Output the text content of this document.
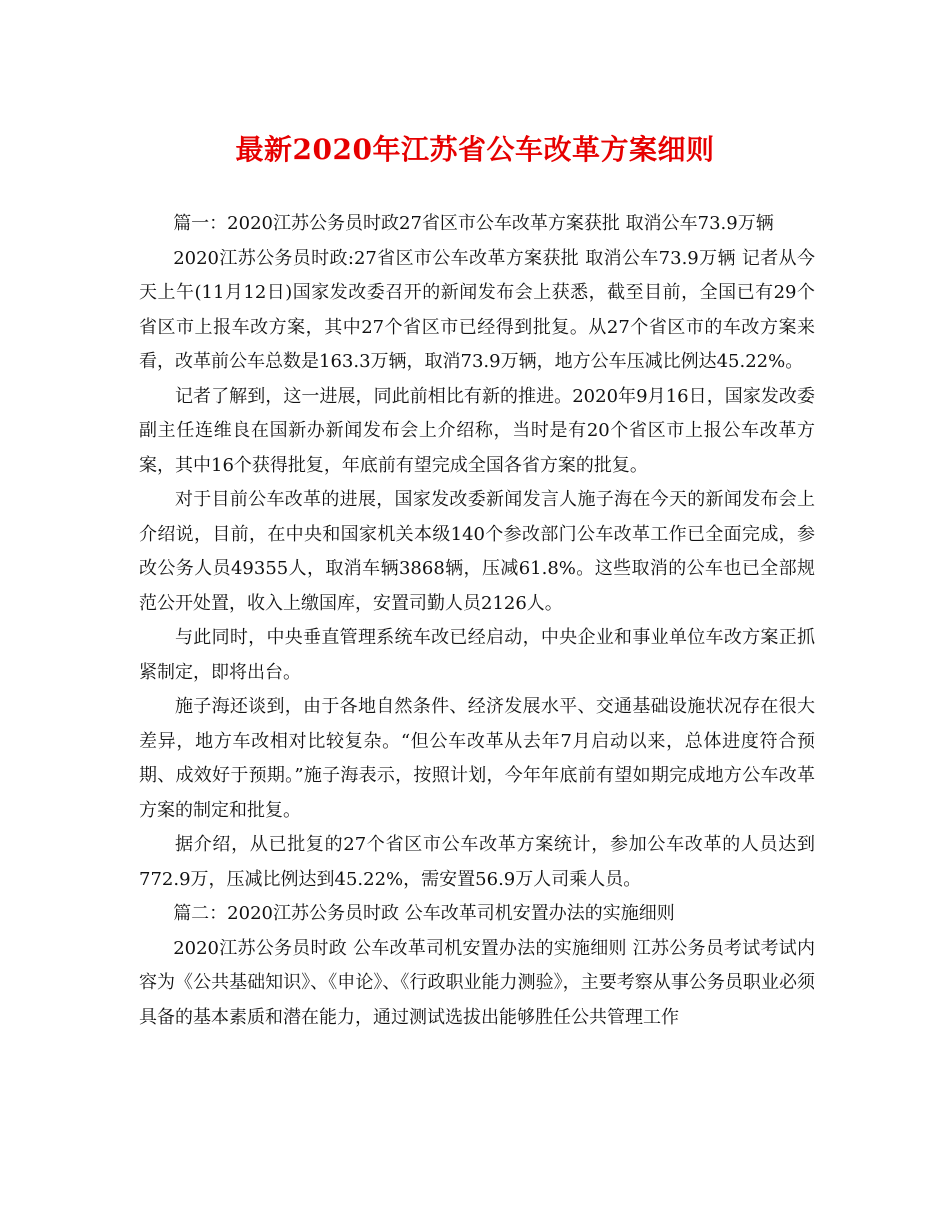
最新2020年江苏省公车改革方案细则

篇一：2020江苏公务员时政27省区市公车改革方案获批 取消公车73.9万辆

2020江苏公务员时政:27省区市公车改革方案获批 取消公车73.9万辆 记者从今天上午(11月12日)国家发改委召开的新闻发布会上获悉，截至目前，全国已有29个省区市上报车改方案，其中27个省区市已经得到批复。从27个省区市的车改方案来看，改革前公车总数是163.3万辆，取消73.9万辆，地方公车压减比例达45.22%。

记者了解到，这一进展，同此前相比有新的推进。2020年9月16日，国家发改委副主任连维良在国新办新闻发布会上介绍称，当时是有20个省区市上报公车改革方案，其中16个获得批复，年底前有望完成全国各省方案的批复。

对于目前公车改革的进展，国家发改委新闻发言人施子海在今天的新闻发布会上介绍说，目前，在中央和国家机关本级140个参改部门公车改革工作已全面完成，参改公务人员49355人，取消车辆3868辆，压减61.8%。这些取消的公车也已全部规范公开处置，收入上缴国库，安置司勤人员2126人。

与此同时，中央垂直管理系统车改已经启动，中央企业和事业单位车改方案正抓紧制定，即将出台。

施子海还谈到，由于各地自然条件、经济发展水平、交通基础设施状况存在很大差异，地方车改相对比较复杂。“但公车改革从去年7月启动以来，总体进度符合预期、成效好于预期。”施子海表示，按照计划，今年年底前有望如期完成地方公车改革方案的制定和批复。

据介绍，从已批复的27个省区市公车改革方案统计，参加公车改革的人员达到772.9万，压减比例达到45.22%，需安置56.9万人司乘人员。

篇二：2020江苏公务员时政 公车改革司机安置办法的实施细则

2020江苏公务员时政 公车改革司机安置办法的实施细则 江苏公务员考试考试内容为《公共基础知识》、《申论》、《行政职业能力测验》，主要考察从事公务员职业必须具备的基本素质和潜在能力，通过测试选拔出能够胜任公共管理工作
